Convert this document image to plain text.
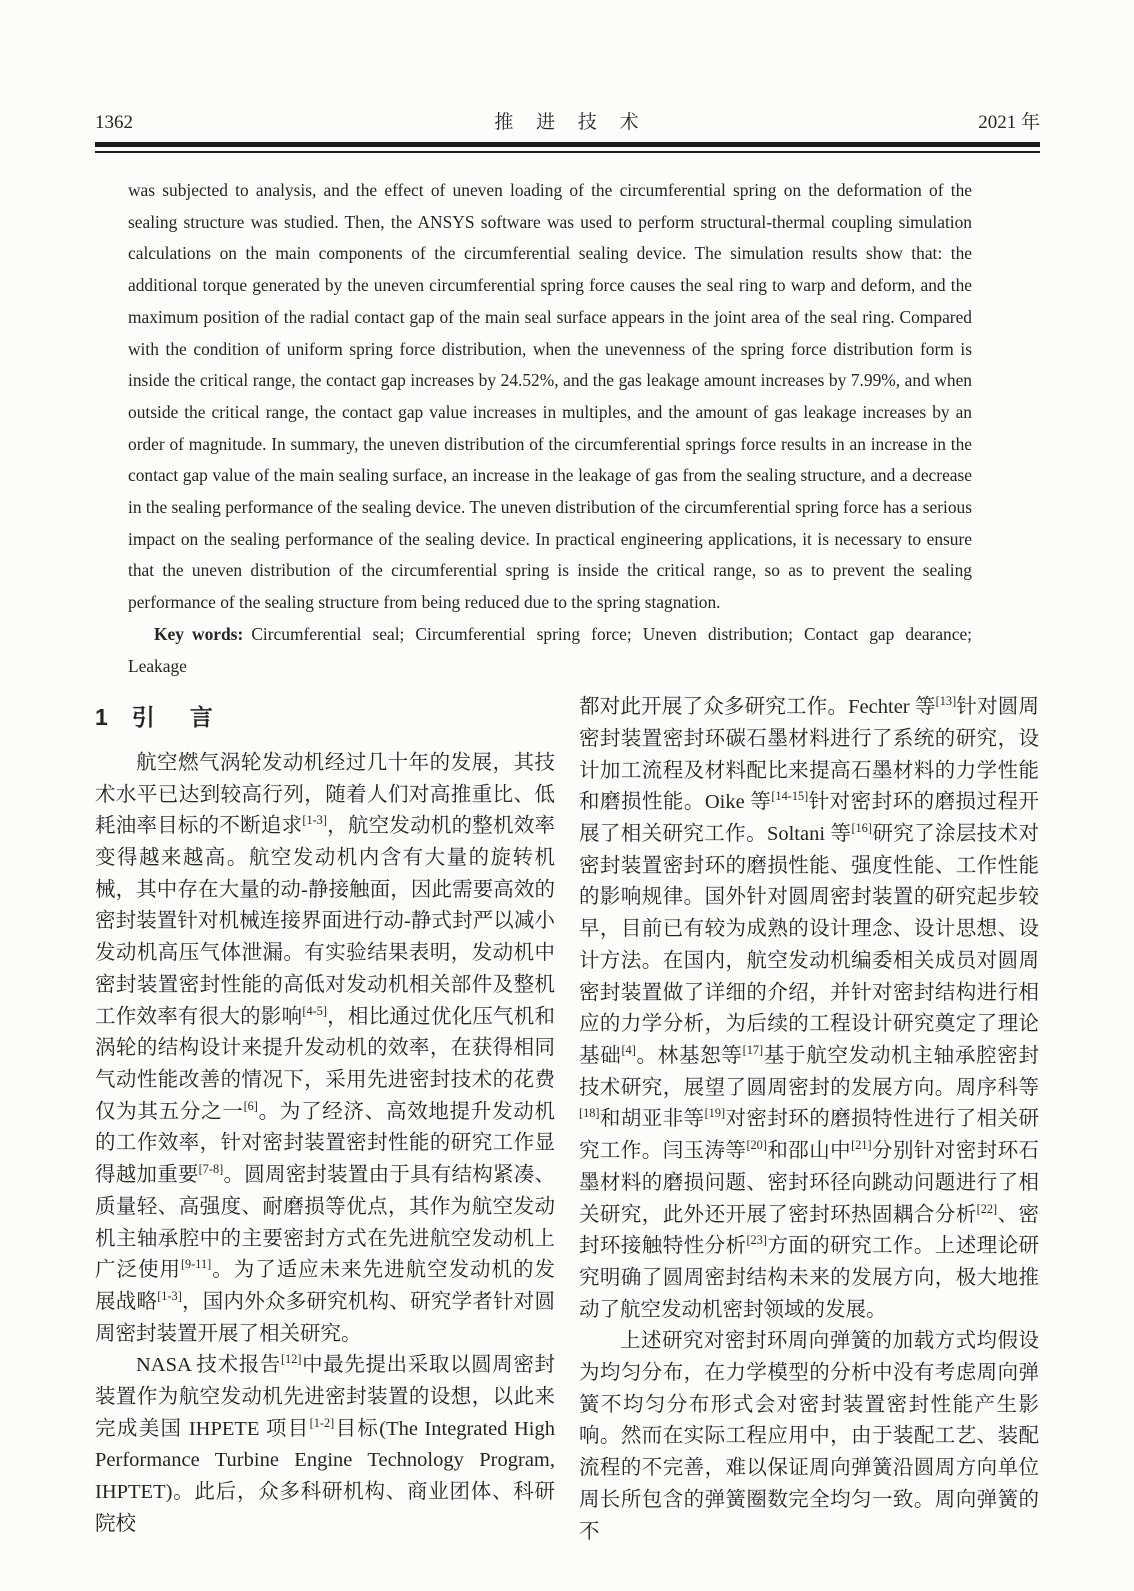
1362	推 进 技 术	2021 年

was subjected to analysis, and the effect of uneven loading of the circumferential spring on the deformation of the sealing structure was studied. Then, the ANSYS software was used to perform structural-thermal coupling simulation calculations on the main components of the circumferential sealing device. The simulation results show that: the additional torque generated by the uneven circumferential spring force causes the seal ring to warp and deform, and the maximum position of the radial contact gap of the main seal surface appears in the joint area of the seal ring. Compared with the condition of uniform spring force distribution, when the unevenness of the spring force distribution form is inside the critical range, the contact gap increases by 24.52%, and the gas leakage amount increases by 7.99%, and when outside the critical range, the contact gap value increases in multiples, and the amount of gas leakage increases by an order of magnitude. In summary, the uneven distribution of the circumferential springs force results in an increase in the contact gap value of the main sealing surface, an increase in the leakage of gas from the sealing structure, and a decrease in the sealing performance of the sealing device. The uneven distribution of the circumferential spring force has a serious impact on the sealing performance of the sealing device. In practical engineering applications, it is necessary to ensure that the uneven distribution of the circumferential spring is inside the critical range, so as to prevent the sealing performance of the sealing structure from being reduced due to the spring stagnation.

Key words: Circumferential seal; Circumferential spring force; Uneven distribution; Contact gap dearance; Leakage

1 引　言

航空燃气涡轮发动机经过几十年的发展，其技术水平已达到较高行列，随着人们对高推重比、低耗油率目标的不断追求[1-3]，航空发动机的整机效率变得越来越高。航空发动机内含有大量的旋转机械，其中存在大量的动-静接触面，因此需要高效的密封装置针对机械连接界面进行动-静式封严以减小发动机高压气体泄漏。有实验结果表明，发动机中密封装置密封性能的高低对发动机相关部件及整机工作效率有很大的影响[4-5]，相比通过优化压气机和涡轮的结构设计来提升发动机的效率，在获得相同气动性能改善的情况下，采用先进密封技术的花费仅为其五分之一[6]。为了经济、高效地提升发动机的工作效率，针对密封装置密封性能的研究工作显得越加重要[7-8]。圆周密封装置由于具有结构紧凑、质量轻、高强度、耐磨损等优点，其作为航空发动机主轴承腔中的主要密封方式在先进航空发动机上广泛使用[9-11]。为了适应未来先进航空发动机的发展战略[1-3]，国内外众多研究机构、研究学者针对圆周密封装置开展了相关研究。

NASA 技术报告[12]中最先提出采取以圆周密封装置作为航空发动机先进密封装置的设想，以此来完成美国 IHPETE 项目[1-2]目标(The Integrated High Performance Turbine Engine Technology Program, IHPTET)。此后，众多科研机构、商业团体、科研院校

都对此开展了众多研究工作。Fechter 等[13]针对圆周密封装置密封环碳石墨材料进行了系统的研究，设计加工流程及材料配比来提高石墨材料的力学性能和磨损性能。Oike 等[14-15]针对密封环的磨损过程开展了相关研究工作。Soltani 等[16]研究了涂层技术对密封装置密封环的磨损性能、强度性能、工作性能的影响规律。国外针对圆周密封装置的研究起步较早，目前已有较为成熟的设计理念、设计思想、设计方法。在国内，航空发动机编委相关成员对圆周密封装置做了详细的介绍，并针对密封结构进行相应的力学分析，为后续的工程设计研究奠定了理论基础[4]。林基恕等[17]基于航空发动机主轴承腔密封技术研究，展望了圆周密封的发展方向。周序科等[18]和胡亚非等[19]对密封环的磨损特性进行了相关研究工作。闫玉涛等[20]和邵山中[21]分别针对密封环石墨材料的磨损问题、密封环径向跳动问题进行了相关研究，此外还开展了密封环热固耦合分析[22]、密封环接触特性分析[23]方面的研究工作。上述理论研究明确了圆周密封结构未来的发展方向，极大地推动了航空发动机密封领域的发展。

上述研究对密封环周向弹簧的加载方式均假设为均匀分布，在力学模型的分析中没有考虑周向弹簧不均匀分布形式会对密封装置密封性能产生影响。然而在实际工程应用中，由于装配工艺、装配流程的不完善，难以保证周向弹簧沿圆周方向单位周长所包含的弹簧圈数完全均匀一致。周向弹簧的不
